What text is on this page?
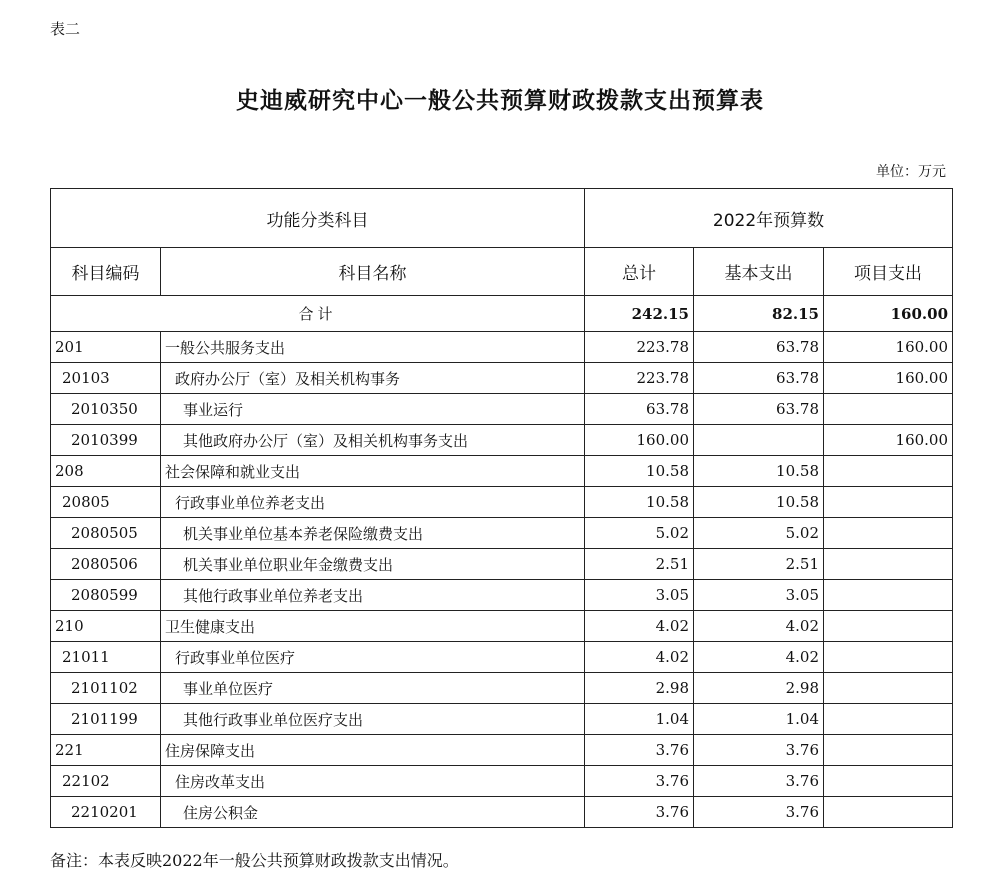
表二
史迪威研究中心一般公共预算财政拨款支出预算表
单位：万元
功能分类科目		2022年预算数		
科目编码	科目名称	总计	基本支出	项目支出
合计		242.15	82.15	160.00
201	一般公共服务支出	223.78	63.78	160.00
20103	政府办公厅（室）及相关机构事务	223.78	63.78	160.00
2010350	事业运行	63.78	63.78	
2010399	其他政府办公厅（室）及相关机构事务支出	160.00		160.00
208	社会保障和就业支出	10.58	10.58	
20805	行政事业单位养老支出	10.58	10.58	
2080505	机关事业单位基本养老保险缴费支出	5.02	5.02	
2080506	机关事业单位职业年金缴费支出	2.51	2.51	
2080599	其他行政事业单位养老支出	3.05	3.05	
210	卫生健康支出	4.02	4.02	
21011	行政事业单位医疗	4.02	4.02	
2101102	事业单位医疗	2.98	2.98	
2101199	其他行政事业单位医疗支出	1.04	1.04	
221	住房保障支出	3.76	3.76	
22102	住房改革支出	3.76	3.76	
2210201	住房公积金	3.76	3.76	
备注：本表反映2022年一般公共预算财政拨款支出情况。
